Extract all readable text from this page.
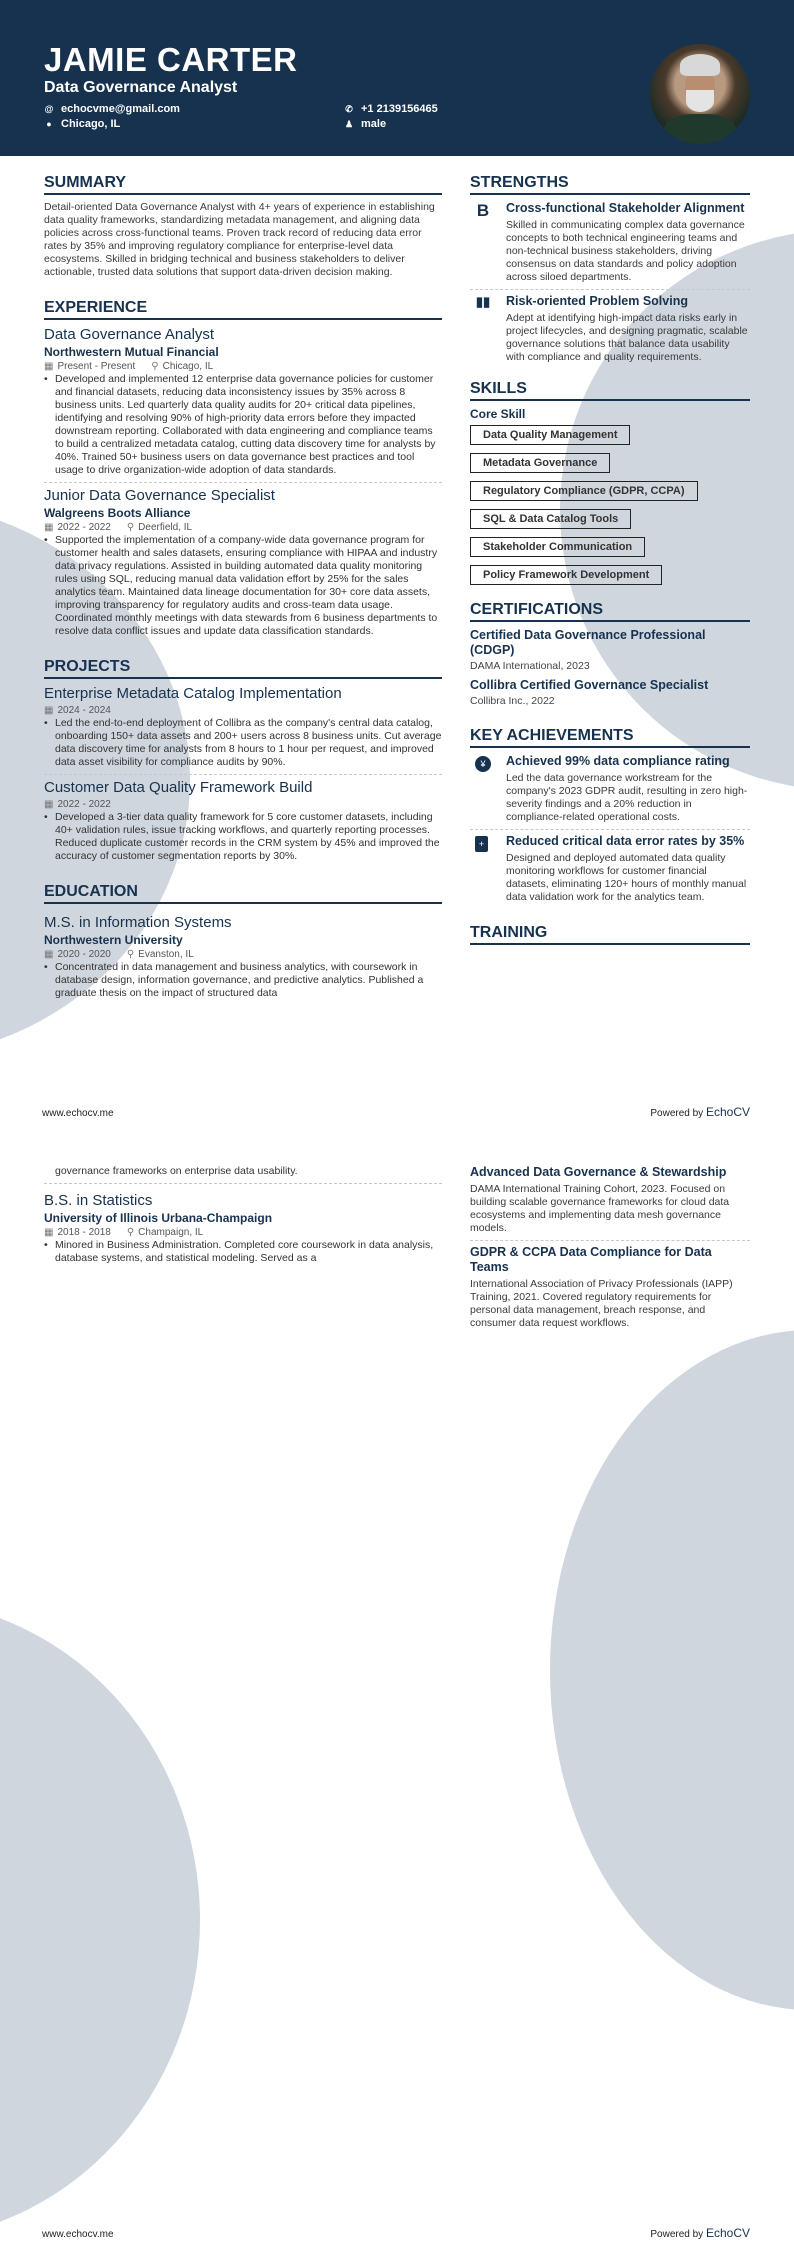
JAMIE CARTER
Data Governance Analyst
@ echocvme@gmail.com	✆ +1 2139156465
● Chicago, IL	♟ male
SUMMARY
Detail-oriented Data Governance Analyst with 4+ years of experience in establishing data quality frameworks, standardizing metadata management, and aligning data policies across cross-functional teams. Proven track record of reducing data error rates by 35% and improving regulatory compliance for enterprise-level data ecosystems. Skilled in bridging technical and business stakeholders to deliver actionable, trusted data solutions that support data-driven decision making.
EXPERIENCE
Data Governance Analyst
Northwestern Mutual Financial
▦ Present - Present ⚲ Chicago, IL
• Developed and implemented 12 enterprise data governance policies for customer and financial datasets, reducing data inconsistency issues by 35% across 8 business units. Led quarterly data quality audits for 20+ critical data pipelines, identifying and resolving 90% of high-priority data errors before they impacted downstream reporting. Collaborated with data engineering and compliance teams to build a centralized metadata catalog, cutting data discovery time for analysts by 40%. Trained 50+ business users on data governance best practices and tool usage to drive organization-wide adoption of data standards.
Junior Data Governance Specialist
Walgreens Boots Alliance
▦ 2022 - 2022 ⚲ Deerfield, IL
• Supported the implementation of a company-wide data governance program for customer health and sales datasets, ensuring compliance with HIPAA and industry data privacy regulations. Assisted in building automated data quality monitoring rules using SQL, reducing manual data validation effort by 25% for the sales analytics team. Maintained data lineage documentation for 30+ core data assets, improving transparency for regulatory audits and cross-team data usage. Coordinated monthly meetings with data stewards from 6 business departments to resolve data conflict issues and update data classification standards.
PROJECTS
Enterprise Metadata Catalog Implementation
▦ 2024 - 2024
• Led the end-to-end deployment of Collibra as the company's central data catalog, onboarding 150+ data assets and 200+ users across 8 business units. Cut average data discovery time for analysts from 8 hours to 1 hour per request, and improved data asset visibility for compliance audits by 90%.
Customer Data Quality Framework Build
▦ 2022 - 2022
• Developed a 3-tier data quality framework for 5 core customer datasets, including 40+ validation rules, issue tracking workflows, and quarterly reporting processes. Reduced duplicate customer records in the CRM system by 45% and improved the accuracy of customer segmentation reports by 30%.
EDUCATION
M.S. in Information Systems
Northwestern University
▦ 2020 - 2020 ⚲ Evanston, IL
• Concentrated in data management and business analytics, with coursework in database design, information governance, and predictive analytics. Published a graduate thesis on the impact of structured data
STRENGTHS
B	Cross-functional Stakeholder Alignment
Skilled in communicating complex data governance concepts to both technical engineering teams and non-technical business stakeholders, driving consensus on data standards and policy adoption across siloed departments.
▮▮	Risk-oriented Problem Solving
Adept at identifying high-impact data risks early in project lifecycles, and designing pragmatic, scalable governance solutions that balance data usability with compliance and quality requirements.
SKILLS
Core Skill
Data Quality Management
Metadata Governance
Regulatory Compliance (GDPR, CCPA)
SQL & Data Catalog Tools
Stakeholder Communication
Policy Framework Development
CERTIFICATIONS
Certified Data Governance Professional (CDGP)
DAMA International, 2023
Collibra Certified Governance Specialist
Collibra Inc., 2022
KEY ACHIEVEMENTS
¥	Achieved 99% data compliance rating
Led the data governance workstream for the company's 2023 GDPR audit, resulting in zero high-severity findings and a 20% reduction in compliance-related operational costs.
+	Reduced critical data error rates by 35%
Designed and deployed automated data quality monitoring workflows for customer financial datasets, eliminating 120+ hours of monthly manual data validation work for the analytics team.
TRAINING
www.echocv.me	Powered by EchoCV
governance frameworks on enterprise data usability.
B.S. in Statistics
University of Illinois Urbana-Champaign
▦ 2018 - 2018 ⚲ Champaign, IL
• Minored in Business Administration. Completed core coursework in data analysis, database systems, and statistical modeling. Served as a
Advanced Data Governance & Stewardship
DAMA International Training Cohort, 2023. Focused on building scalable governance frameworks for cloud data ecosystems and implementing data mesh governance models.
GDPR & CCPA Data Compliance for Data Teams
International Association of Privacy Professionals (IAPP) Training, 2021. Covered regulatory requirements for personal data management, breach response, and consumer data request workflows.
www.echocv.me	Powered by EchoCV
